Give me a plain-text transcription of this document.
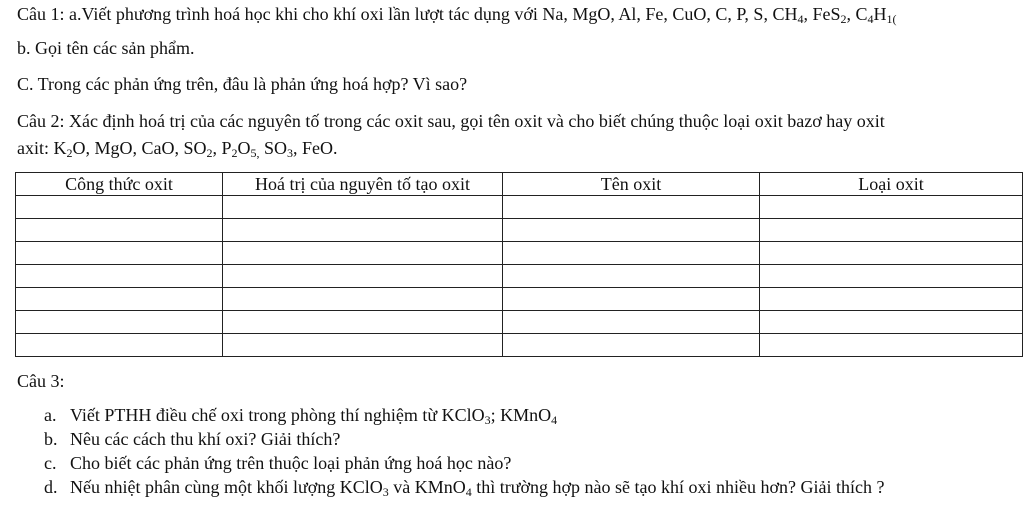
Câu 1: a.Viết phương trình hoá học khi cho khí oxi lần lượt tác dụng với Na, MgO, Al, Fe, CuO, C, P, S, $CH_4$, FeS$_2$, $C_4H_{1(}$
b. Gọi tên các sản phẩm.
C. Trong các phản ứng trên, đâu là phản ứng hoá hợp? Vì sao?
Câu 2: Xác định hoá trị của các nguyên tố trong các oxit sau, gọi tên oxit và cho biết chúng thuộc loại oxit bazơ hay oxit
axit: $K_2O$, MgO, CaO, $SO_2$, $P_2O_{5,}$ $SO_3$, FeO.
Công thức oxit	Hoá trị của nguyên tố tạo oxit	Tên oxit	Loại oxit

Câu 3:
a. Viết PTHH điều chế oxi trong phòng thí nghiệm từ KClO$_3$; KMnO$_4$
b. Nêu các cách thu khí oxi? Giải thích?
c. Cho biết các phản ứng trên thuộc loại phản ứng hoá học nào?
d. Nếu nhiệt phân cùng một khối lượng KClO$_3$ và KMnO$_4$ thì trường hợp nào sẽ tạo khí oxi nhiều hơn? Giải thích ?
